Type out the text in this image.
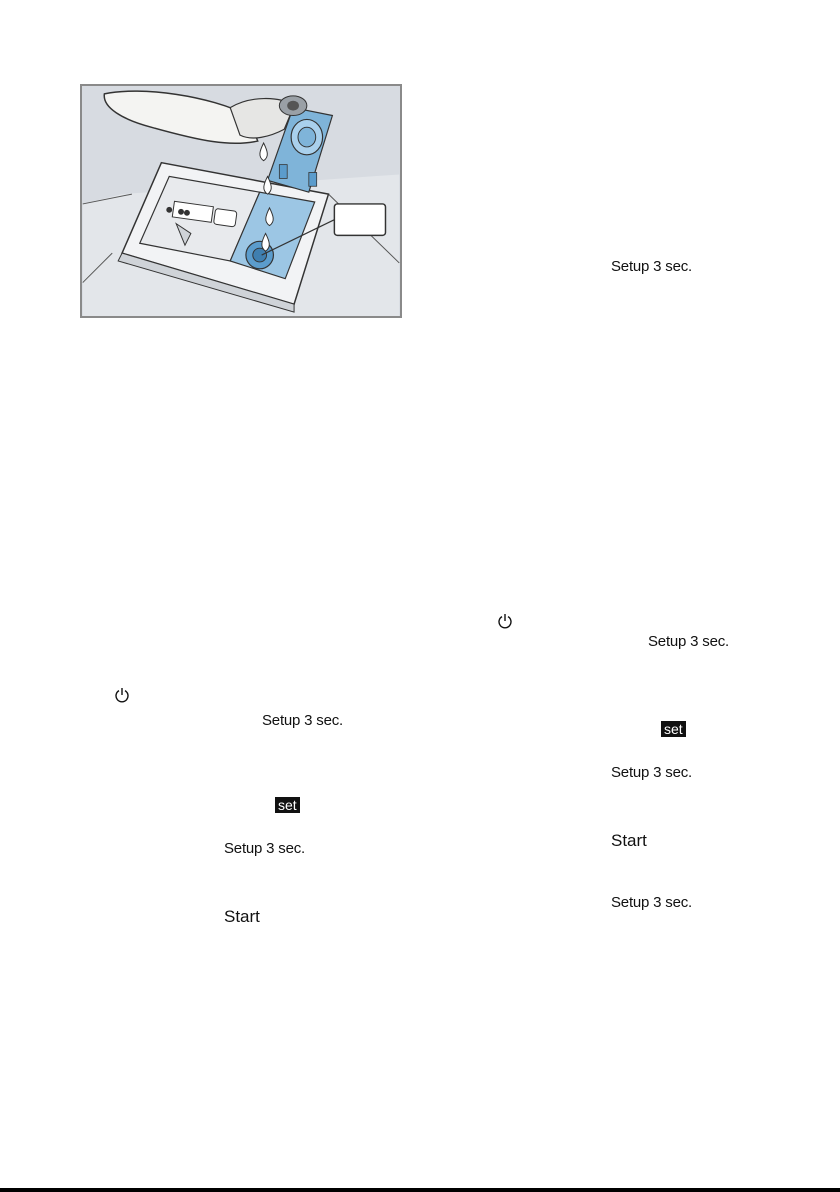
Setup 3 sec.
Setup 3 sec.
set
Setup 3 sec.
Start
Setup 3 sec.
Setup 3 sec.
set
Setup 3 sec.
Start
